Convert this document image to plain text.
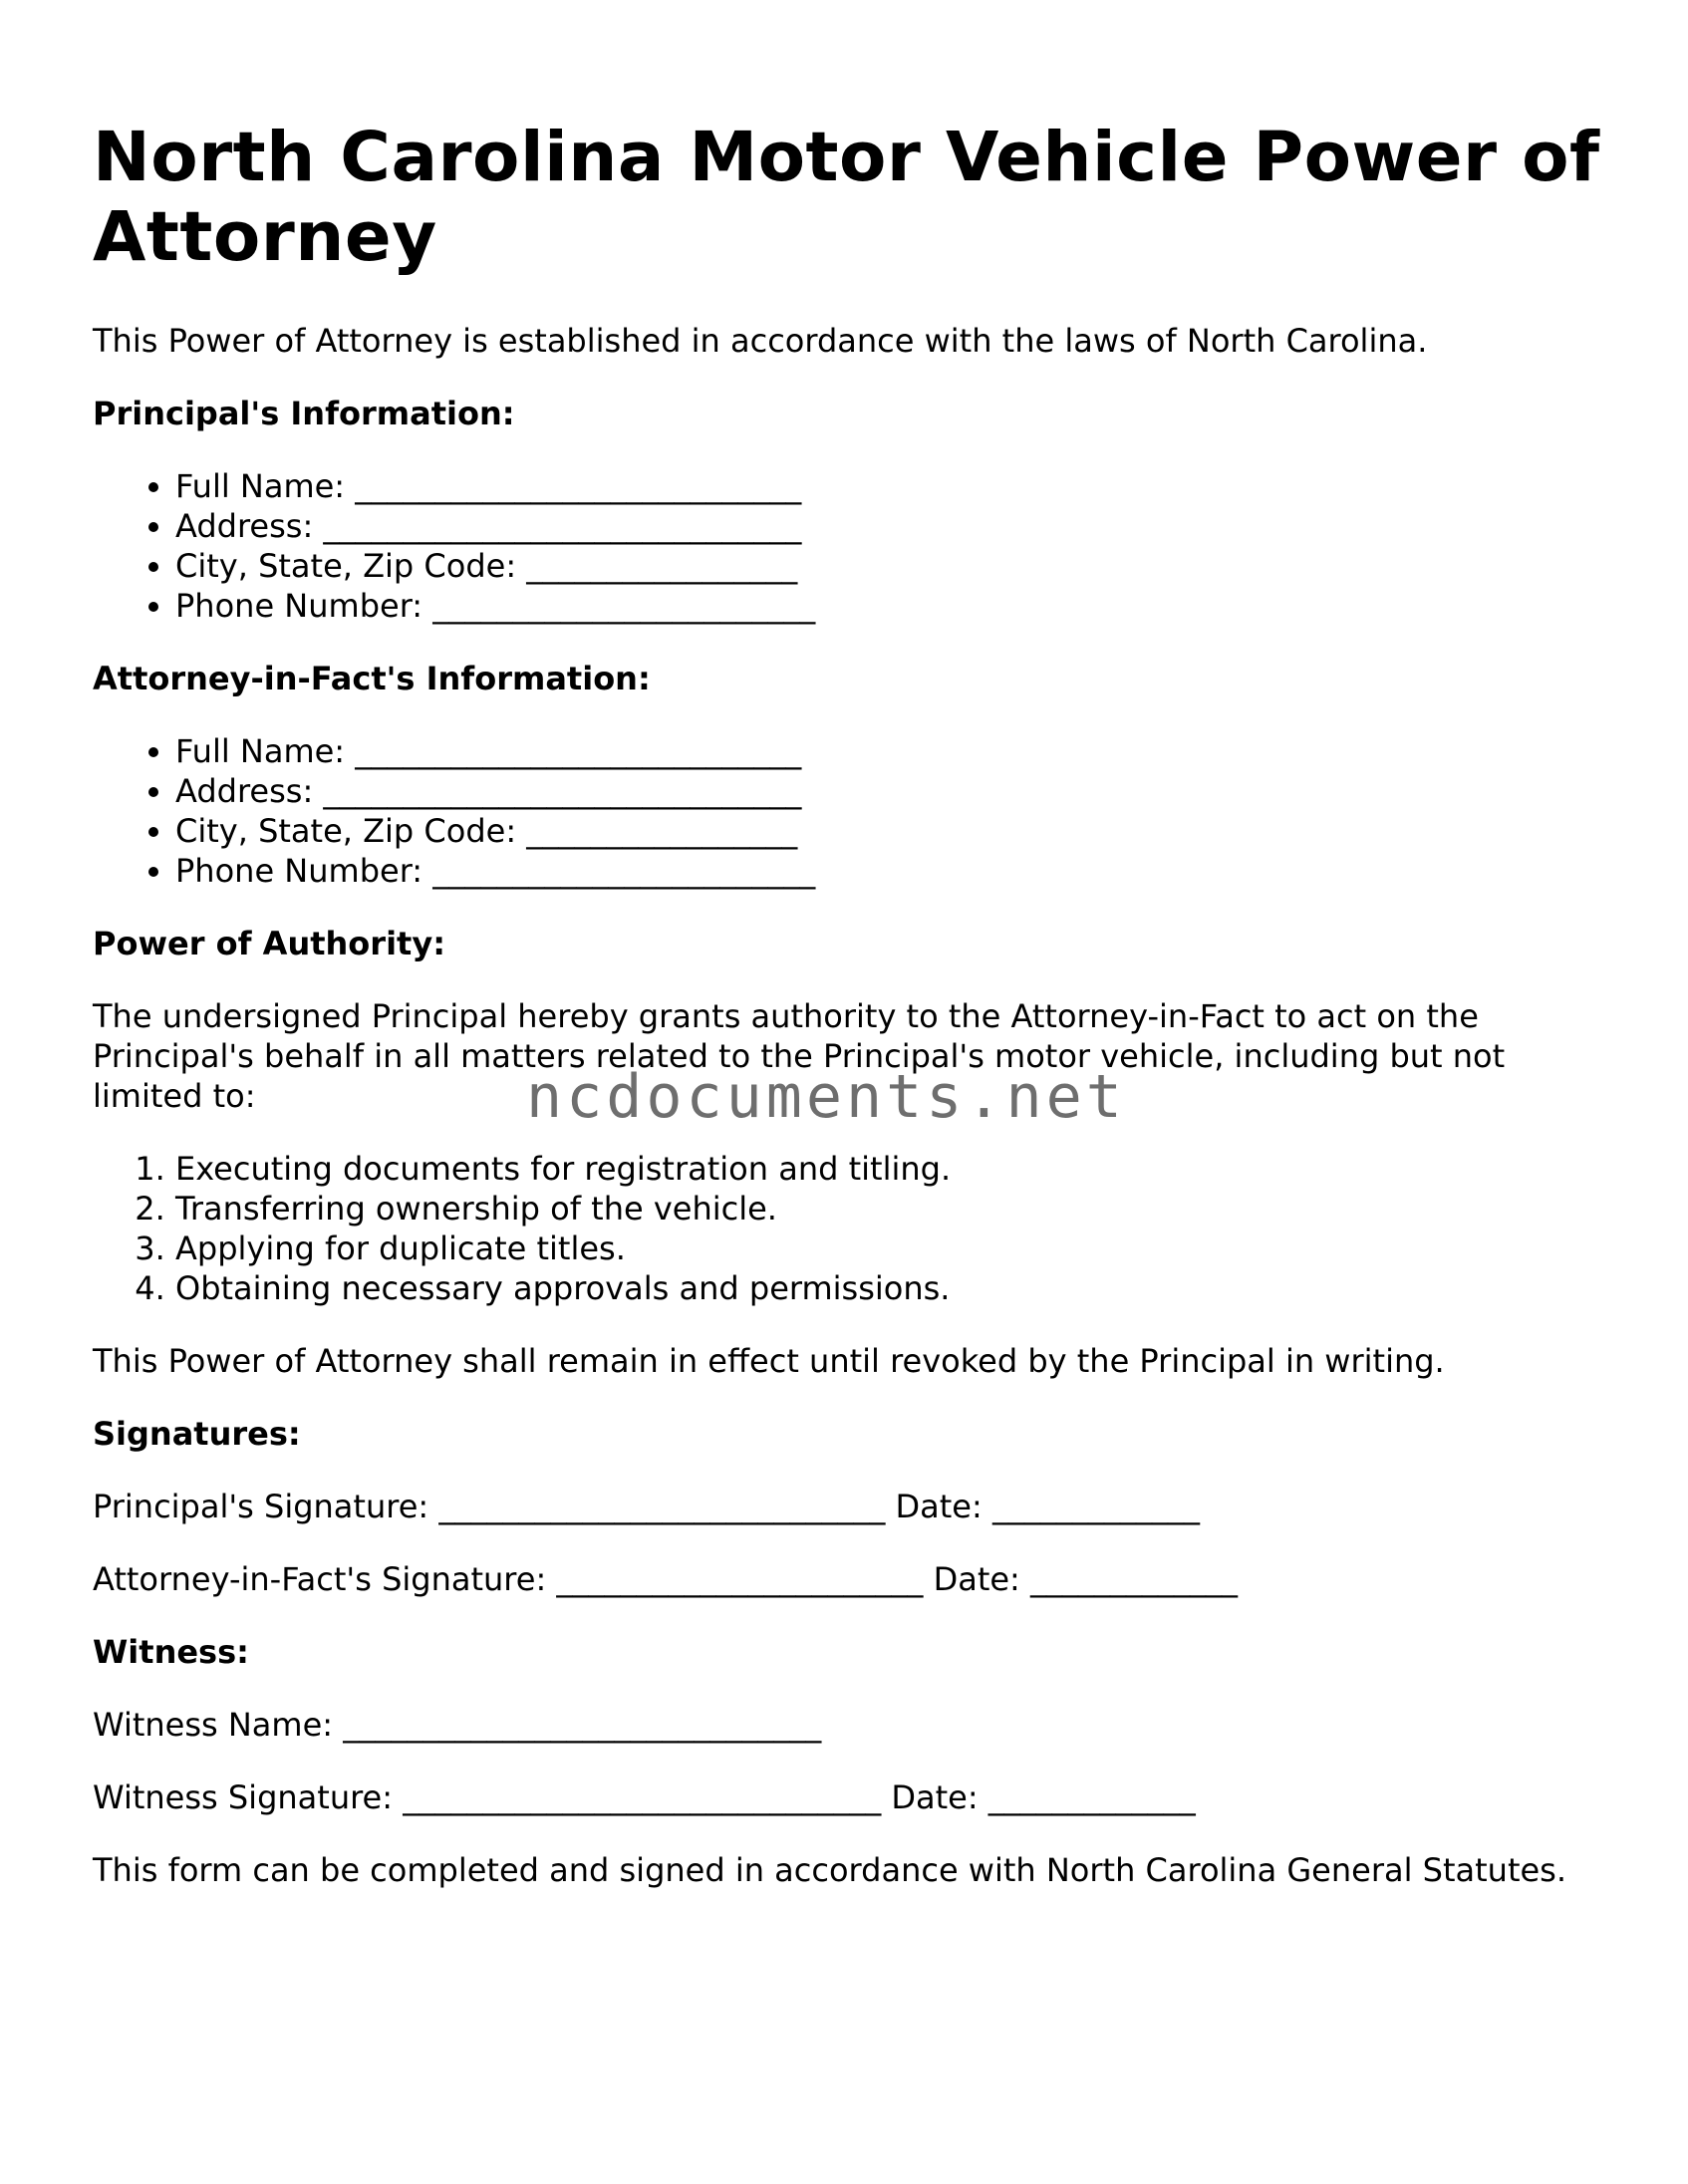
North Carolina Motor Vehicle Power of Attorney

This Power of Attorney is established in accordance with the laws of North Carolina.

Principal's Information:
• Full Name: ____________________________
• Address: ______________________________
• City, State, Zip Code: _________________
• Phone Number: ________________________
Attorney-in-Fact's Information:
• Full Name: ____________________________
• Address: ______________________________
• City, State, Zip Code: _________________
• Phone Number: ________________________
Power of Authority:

The undersigned Principal hereby grants authority to the Attorney-in-Fact to act on the Principal's behalf in all matters related to the Principal's motor vehicle, including but not limited to:

1. Executing documents for registration and titling.
2. Transferring ownership of the vehicle.
3. Applying for duplicate titles.
4. Obtaining necessary approvals and permissions.

This Power of Attorney shall remain in effect until revoked by the Principal in writing.

Signatures:

Principal's Signature: ____________________________ Date: _____________

Attorney-in-Fact's Signature: _______________________ Date: _____________

Witness:

Witness Name: ______________________________

Witness Signature: ______________________________ Date: _____________

This form can be completed and signed in accordance with North Carolina General Statutes.

ncdocuments.net
